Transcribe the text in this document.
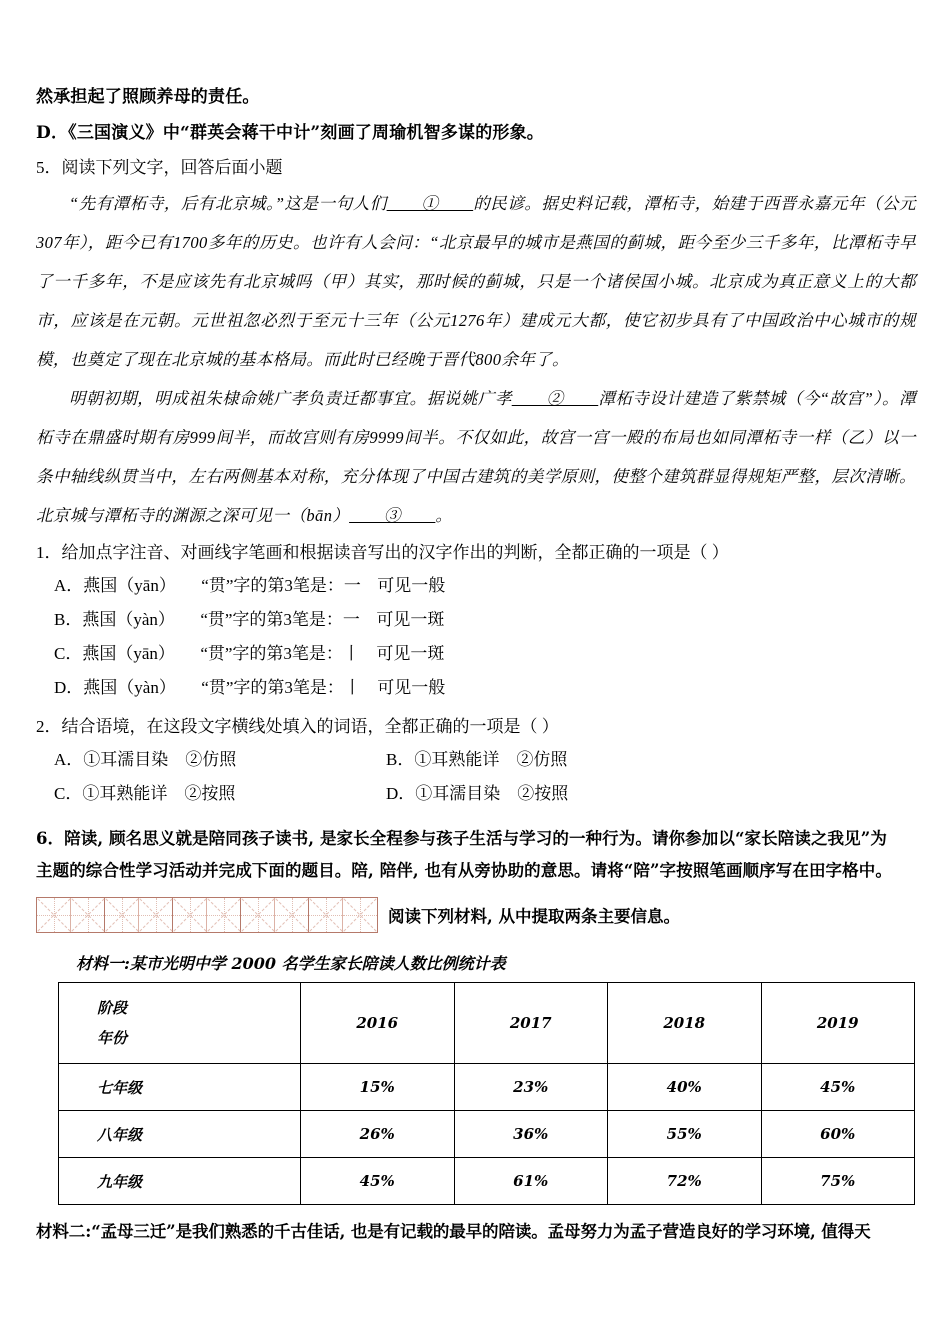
然承担起了照顾养母的责任。
D．《三国演义》中“群英会蒋干中计”刻画了周瑜机智多谋的形象。
5．阅读下列文字，回答后面小题

“先有潭柘寺，后有北京城。”这是一句人们____①____的民谚。据史料记载，潭柘寺，始建于西晋永嘉元年（公元307年），距今已有1700多年的历史。也许有人会问：“北京最早的城市是燕国的蓟城，距今至少三千多年，比潭柘寺早了一千多年，不是应该先有北京城吗（甲）其实，那时候的蓟城，只是一个诸侯国小城。北京成为真正意义上的大都市，应该是在元朝。元世祖忽必烈于至元十三年（公元1276年）建成元大都，使它初步具有了中国政治中心城市的规模，也奠定了现在北京城的基本格局。而此时已经晚于晋代800余年了。

明朝初期，明成祖朱棣命姚广孝负责迁都事宜。据说姚广孝____②____潭柘寺设计建造了紫禁城（今“故宫”）。潭柘寺在鼎盛时期有房999间半，而故宫则有房9999间半。不仅如此，故宫一宫一殿的布局也如同潭柘寺一样（乙）以一条中轴线纵贯当中，左右两侧基本对称，充分体现了中国古建筑的美学原则，使整个建筑群显得规矩严整，层次清晰。北京城与潭柘寺的渊源之深可见一（bān）____③____。

1．给加点字注音、对画线字笔画和根据读音写出的汉字作出的判断，全都正确的一项是（ ）
A．燕国（yān） “贯”字的第3笔是：一 可见一般
B．燕国（yàn） “贯”字的第3笔是：一 可见一斑
C．燕国（yān） “贯”字的第3笔是：丨 可见一斑
D．燕国（yàn） “贯”字的第3笔是：丨 可见一般
2．结合语境，在这段文字横线处填入的词语，全都正确的一项是（ ）
A．①耳濡目染　②仿照	B．①耳熟能详　②仿照
C．①耳熟能详　②按照	D．①耳濡目染　②按照
6．陪读, 顾名思义就是陪同孩子读书, 是家长全程参与孩子生活与学习的一种行为。请你参加以“家长陪读之我见”为
主题的综合性学习活动并完成下面的题目。陪, 陪伴, 也有从旁协助的意思。请将“陪”字按照笔画顺序写在田字格中。
阅读下列材料, 从中提取两条主要信息。
材料一:某市光明中学 2000 名学生家长陪读人数比例统计表
阶段
年份	2016	2017	2018	2019
七年级	15%	23%	40%	45%
八年级	26%	36%	55%	60%
九年级	45%	61%	72%	75%
材料二:“孟母三迁”是我们熟悉的千古佳话, 也是有记载的最早的陪读。孟母努力为孟子营造良好的学习环境, 值得天
